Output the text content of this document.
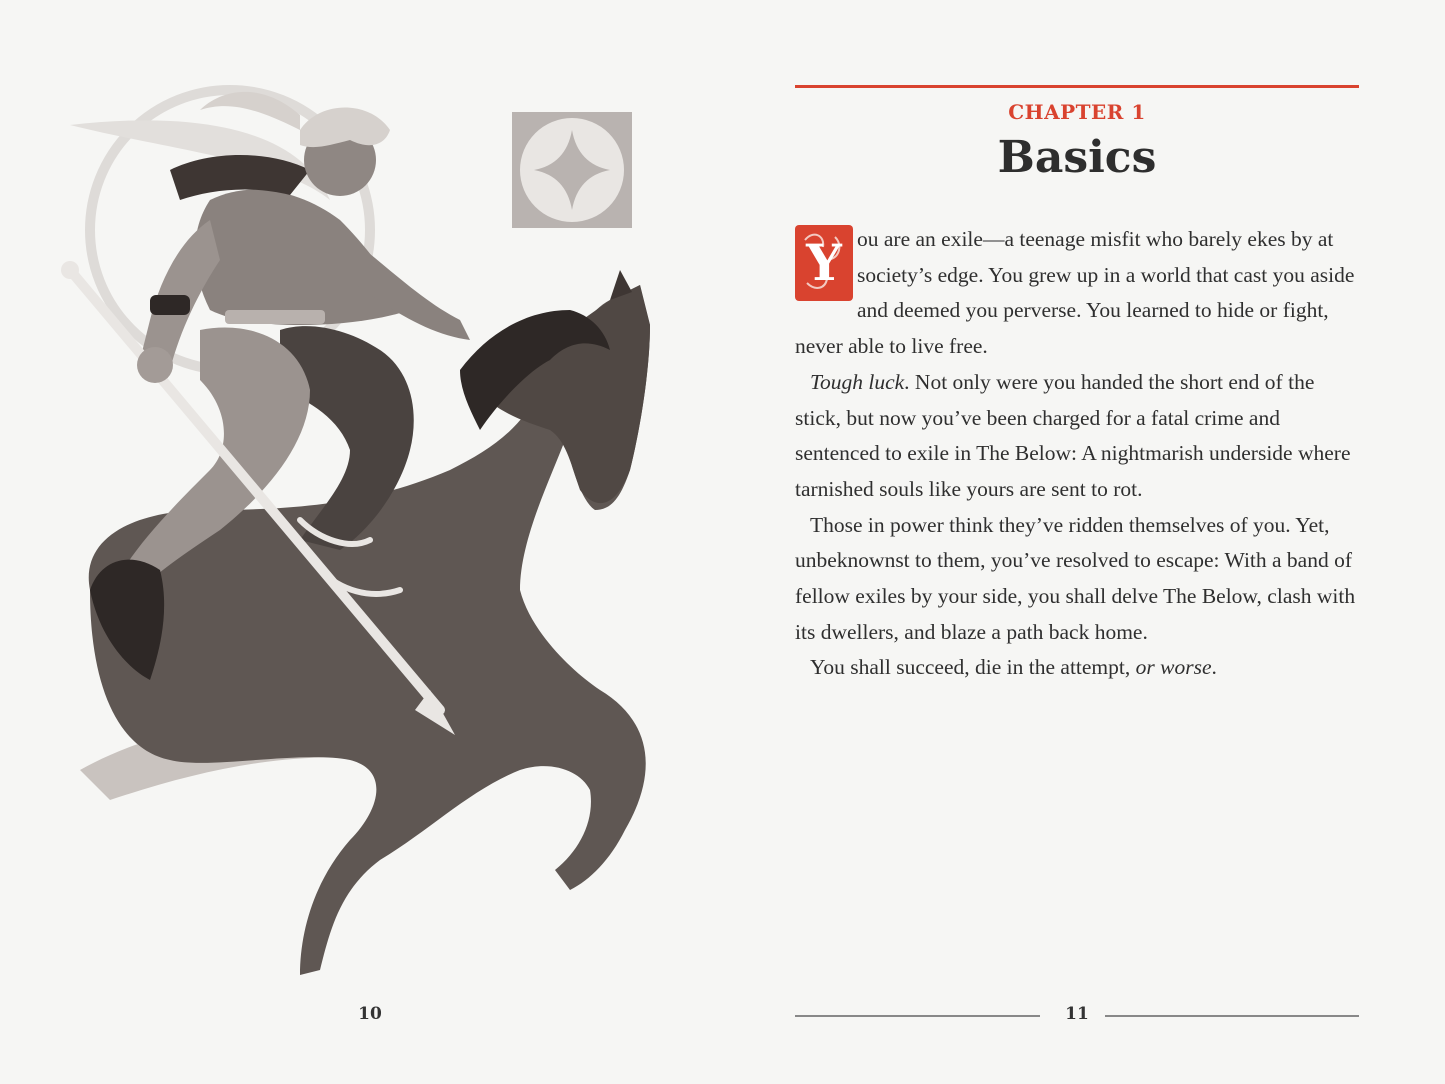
10
CHAPTER 1
Basics

Y ou are an exile—a teenage misfit who barely ekes by at society’s edge. You grew up in a world that cast you aside and deemed you perverse. You learned to hide or fight, never able to live free.

Tough luck. Not only were you handed the short end of the stick, but now you’ve been charged for a fatal crime and sentenced to exile in The Below: A nightmarish underside where tarnished souls like yours are sent to rot.

Those in power think they’ve ridden themselves of you. Yet, unbeknownst to them, you’ve resolved to escape: With a band of fellow exiles by your side, you shall delve The Below, clash with its dwellers, and blaze a path back home.

You shall succeed, die in the attempt, or worse.

11
